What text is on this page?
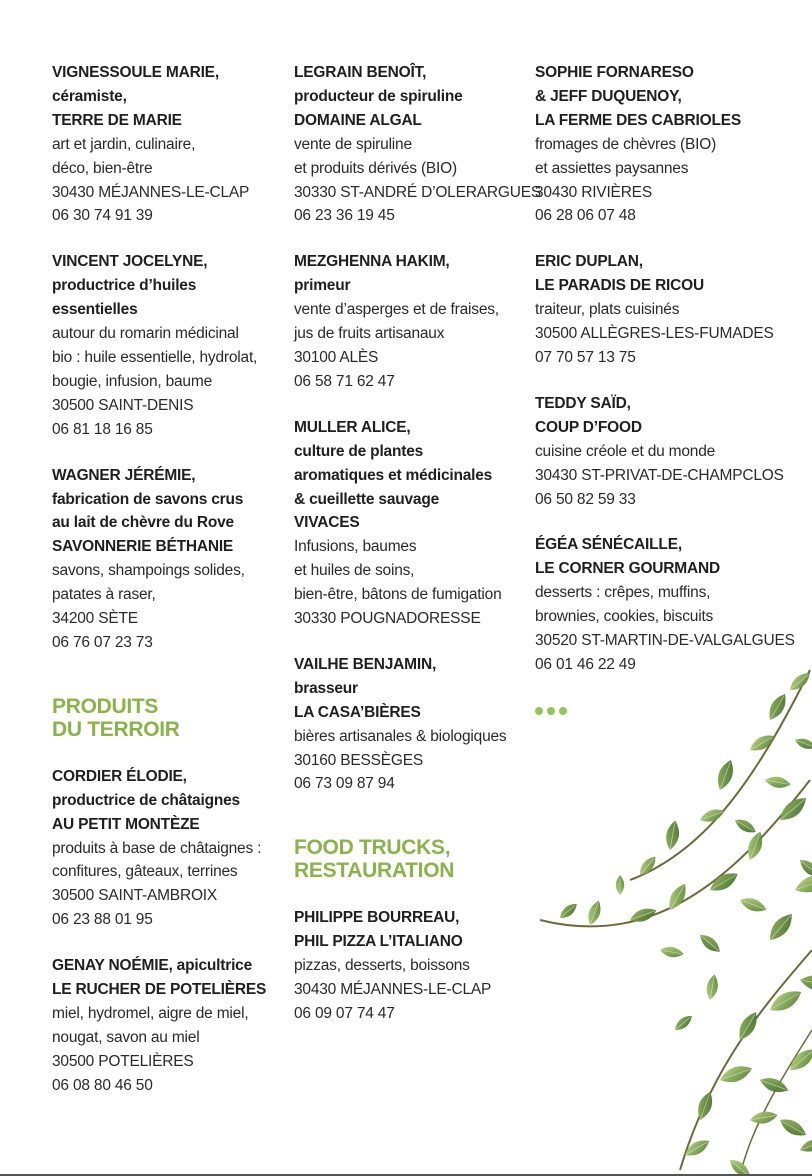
VIGNESSOULE MARIE,
céramiste,
TERRE DE MARIE
art et jardin, culinaire,
déco, bien-être
30430 MÉJANNES-LE-CLAP
06 30 74 91 39
VINCENT JOCELYNE,
productrice d’huiles
essentielles
autour du romarin médicinal
bio : huile essentielle, hydrolat,
bougie, infusion, baume
30500 SAINT-DENIS
06 81 18 16 85
WAGNER JÉRÉMIE,
fabrication de savons crus
au lait de chèvre du Rove
SAVONNERIE BÉTHANIE
savons, shampoings solides,
patates à raser,
34200 SÈTE
06 76 07 23 73
PRODUITS
DU TERROIR
CORDIER ÉLODIE,
productrice de châtaignes
AU PETIT MONTÈZE
produits à base de châtaignes :
confitures, gâteaux, terrines
30500 SAINT-AMBROIX
06 23 88 01 95
GENAY NOÉMIE, apicultrice
LE RUCHER DE POTELIÈRES
miel, hydromel, aigre de miel,
nougat, savon au miel
30500 POTELIÈRES
06 08 80 46 50
LEGRAIN BENOÎT,
producteur de spiruline
DOMAINE ALGAL
vente de spiruline
et produits dérivés (BIO)
30330 ST-ANDRÉ D’OLERARGUES
06 23 36 19 45
MEZGHENNA HAKIM,
primeur
vente d’asperges et de fraises,
jus de fruits artisanaux
30100 ALÈS
06 58 71 62 47
MULLER ALICE,
culture de plantes
aromatiques et médicinales
& cueillette sauvage
VIVACES
Infusions, baumes
et huiles de soins,
bien-être, bâtons de fumigation
30330 POUGNADORESSE
VAILHE BENJAMIN,
brasseur
LA CASA’BIÈRES
bières artisanales & biologiques
30160 BESSÈGES
06 73 09 87 94
FOOD TRUCKS,
RESTAURATION
PHILIPPE BOURREAU,
PHIL PIZZA L’ITALIANO
pizzas, desserts, boissons
30430 MÉJANNES-LE-CLAP
06 09 07 74 47
SOPHIE FORNARESO
& JEFF DUQUENOY,
LA FERME DES CABRIOLES
fromages de chèvres (BIO)
et assiettes paysannes
30430 RIVIÈRES
06 28 06 07 48
ERIC DUPLAN,
LE PARADIS DE RICOU
traiteur, plats cuisinés
30500 ALLÈGRES-LES-FUMADES
07 70 57 13 75
TEDDY SAÏD,
COUP D’FOOD
cuisine créole et du monde
30430 ST-PRIVAT-DE-CHAMPCLOS
06 50 82 59 33
ÉGÉA SÉNÉCAILLE,
LE CORNER GOURMAND
desserts : crêpes, muffins,
brownies, cookies, biscuits
30520 ST-MARTIN-DE-VALGALGUES
06 01 46 22 49
